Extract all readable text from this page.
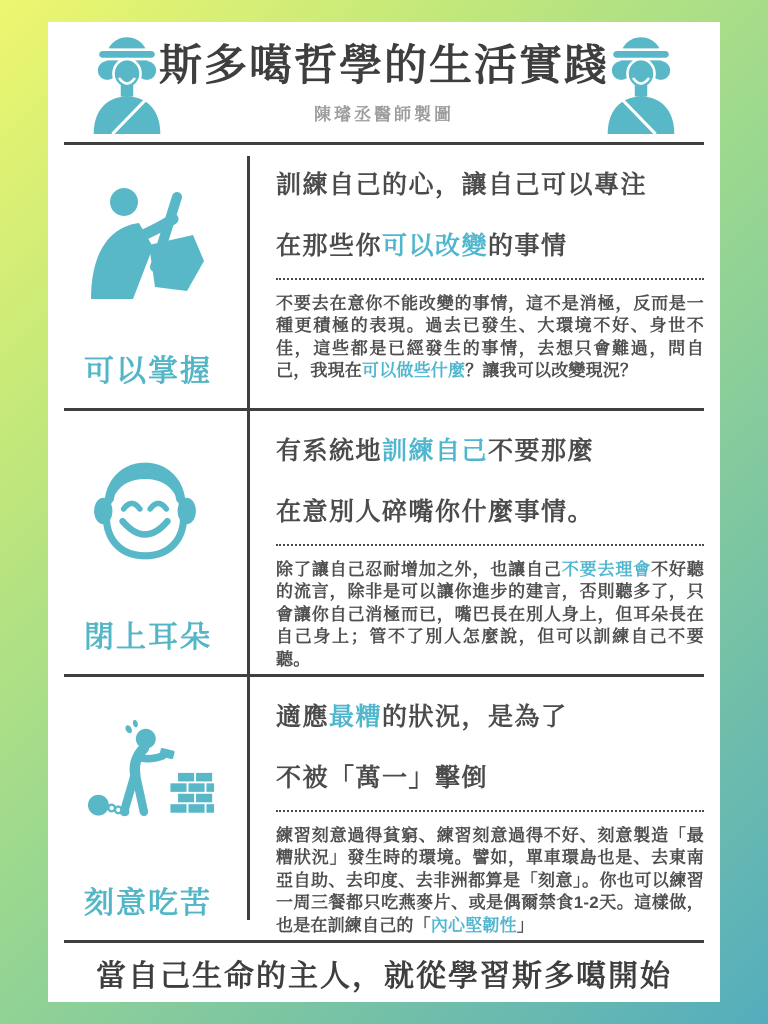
斯多噶哲學的生活實踐
陳璿丞醫師製圖
可以掌握
訓練自己的心，讓自己可以專注
在那些你可以改變的事情
不要去在意你不能改變的事情，這不是消極，反而是一種更積極的表現。過去已發生、大環境不好、身世不佳，這些都是已經發生的事情，去想只會難過，問自己，我現在可以做些什麼？讓我可以改變現況？
閉上耳朵
有系統地訓練自己不要那麼
在意別人碎嘴你什麼事情。
除了讓自己忍耐增加之外，也讓自己不要去理會不好聽的流言，除非是可以讓你進步的建言，否則聽多了，只會讓你自己消極而已，嘴巴長在別人身上，但耳朵長在自己身上；管不了別人怎麼說，但可以訓練自己不要聽。
刻意吃苦
適應最糟的狀況，是為了
不被「萬一」擊倒
練習刻意過得貧窮、練習刻意過得不好、刻意製造「最糟狀況」發生時的環境。譬如，單車環島也是、去東南亞自助、去印度、去非洲都算是「刻意」。你也可以練習一周三餐都只吃燕麥片、或是偶爾禁食1-2天。這樣做，也是在訓練自己的「內心堅韌性」
當自己生命的主人，就從學習斯多噶開始
